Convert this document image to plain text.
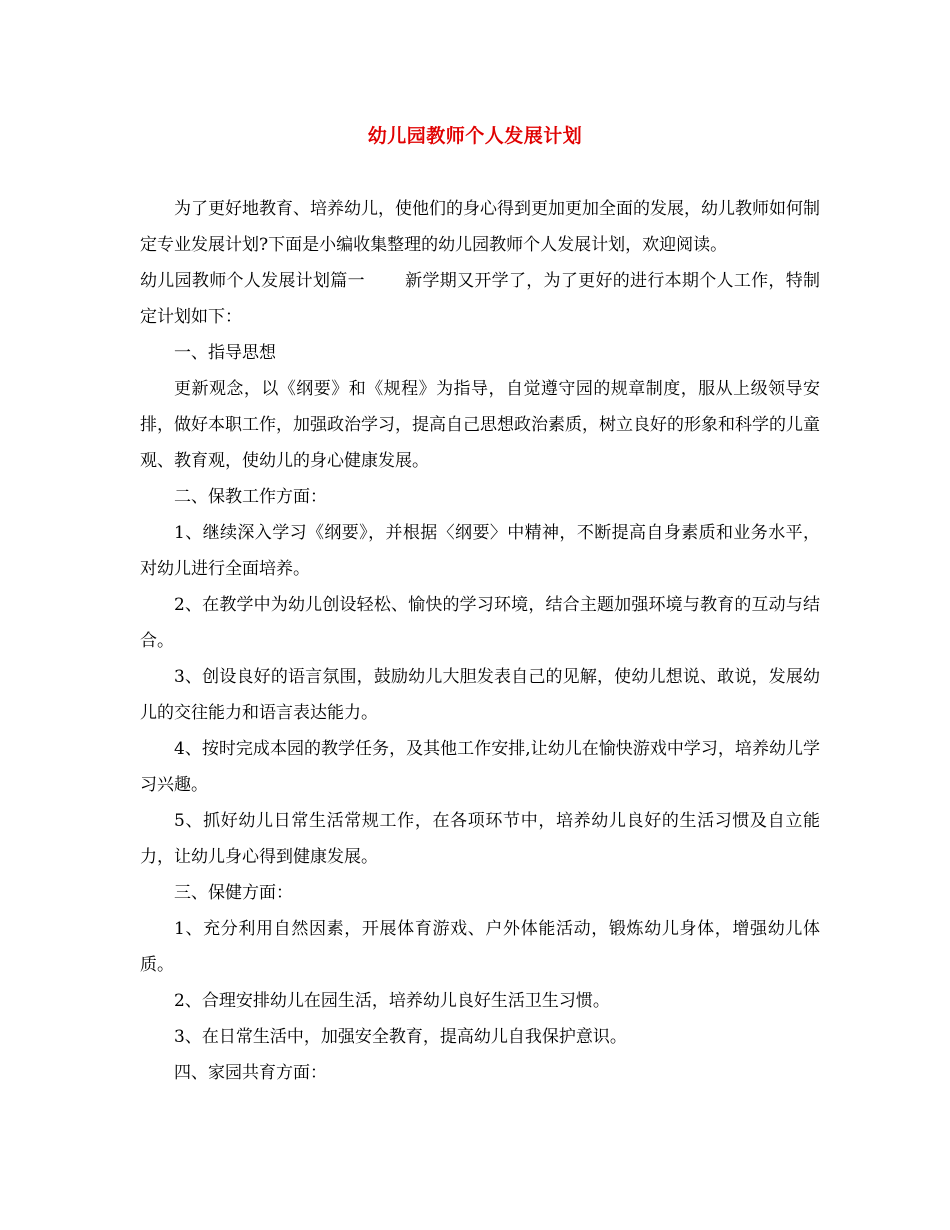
幼儿园教师个人发展计划

为了更好地教育、培养幼儿，使他们的身心得到更加更加全面的发展，幼儿教师如何制定专业发展计划?下面是小编收集整理的幼儿园教师个人发展计划，欢迎阅读。

幼儿园教师个人发展计划篇一 新学期又开学了，为了更好的进行本期个人工作，特制定计划如下：

一、指导思想

更新观念，以《纲要》和《规程》为指导，自觉遵守园的规章制度，服从上级领导安排，做好本职工作，加强政治学习，提高自己思想政治素质，树立良好的形象和科学的儿童观、教育观，使幼儿的身心健康发展。

二、保教工作方面：

1、继续深入学习《纲要》，并根据〈纲要〉中精神，不断提高自身素质和业务水平，对幼儿进行全面培养。

2、在教学中为幼儿创设轻松、愉快的学习环境，结合主题加强环境与教育的互动与结合。

3、创设良好的语言氛围，鼓励幼儿大胆发表自己的见解，使幼儿想说、敢说，发展幼儿的交往能力和语言表达能力。

4、按时完成本园的教学任务，及其他工作安排,让幼儿在愉快游戏中学习，培养幼儿学习兴趣。

5、抓好幼儿日常生活常规工作，在各项环节中，培养幼儿良好的生活习惯及自立能力，让幼儿身心得到健康发展。

三、保健方面：

1、充分利用自然因素，开展体育游戏、户外体能活动，锻炼幼儿身体，增强幼儿体质。

2、合理安排幼儿在园生活，培养幼儿良好生活卫生习惯。

3、在日常生活中，加强安全教育，提高幼儿自我保护意识。

四、家园共育方面：
